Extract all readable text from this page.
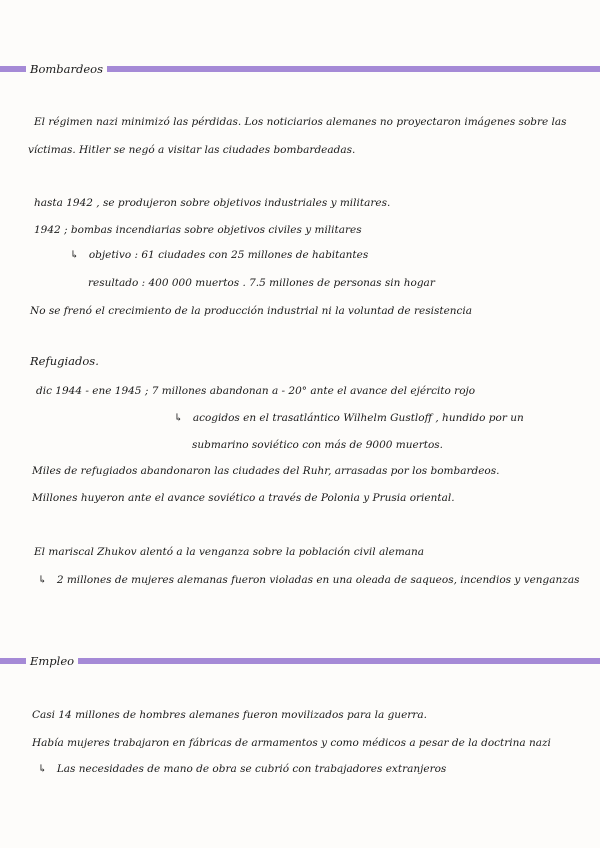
Bombardeos
El régimen nazi minimizó las pérdidas. Los noticiarios alemanes no proyectaron imágenes sobre las
víctimas. Hitler se negó a visitar las ciudades bombardeadas.
hasta 1942 , se produjeron sobre objetivos industriales y militares.
1942 ; bombas incendiarias sobre objetivos civiles y militares
↳ objetivo : 61 ciudades con 25 millones de habitantes
resultado : 400 000 muertos . 7.5 millones de personas sin hogar
No se frenó el crecimiento de la producción industrial ni la voluntad de resistencia
Refugiados.
dic 1944 - ene 1945 ; 7 millones abandonan a - 20° ante el avance del ejército rojo
↳ acogidos en el trasatlántico Wilhelm Gustloff , hundido por un
submarino soviético con más de 9000 muertos.
Miles de refugiados abandonaron las ciudades del Ruhr, arrasadas por los bombardeos.
Millones huyeron ante el avance soviético a través de Polonia y Prusia oriental.
El mariscal Zhukov alentó a la venganza sobre la población civil alemana
↳ 2 millones de mujeres alemanas fueron violadas en una oleada de saqueos, incendios y venganzas
Empleo
Casi 14 millones de hombres alemanes fueron movilizados para la guerra.
Había mujeres trabajaron en fábricas de armamentos y como médicos a pesar de la doctrina nazi
↳ Las necesidades de mano de obra se cubrió con trabajadores extranjeros
